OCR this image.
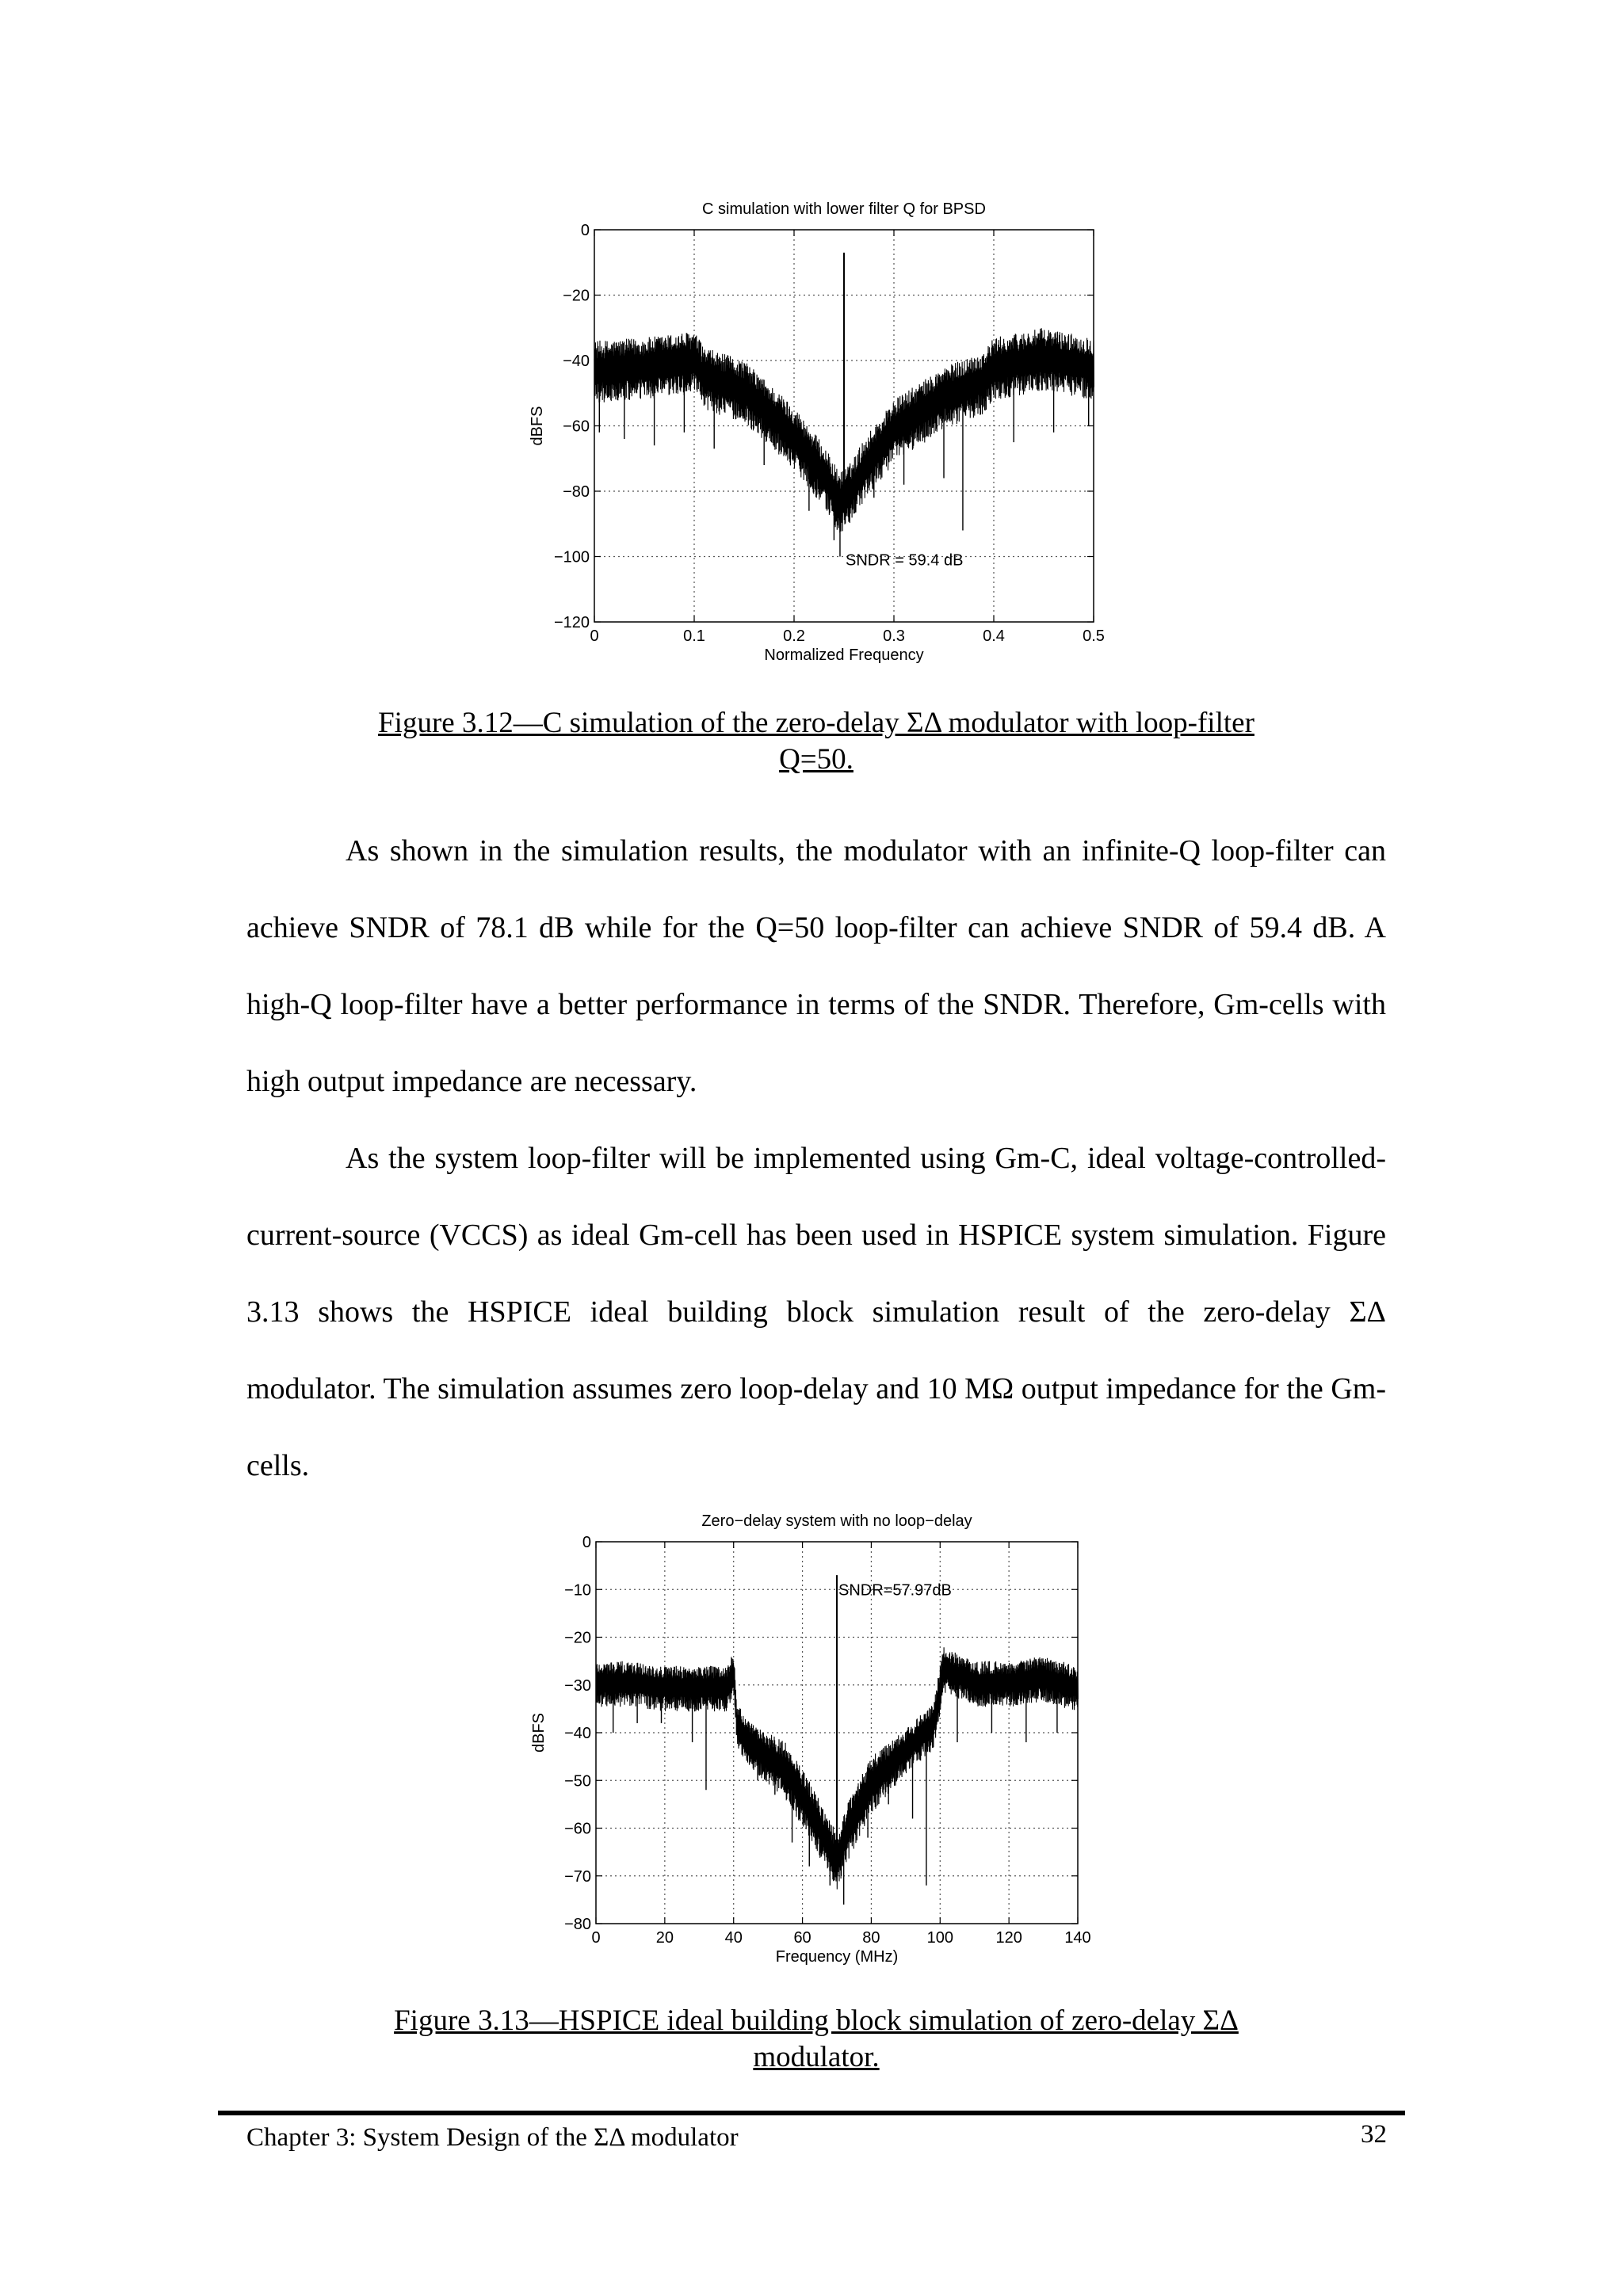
C simulation with lower filter Q for BPSD
SNDR = 59.4 dB
0	0.1	0.2	0.3	0.4	0.5
0
−20
−40
−60
−80
−100
−120
Normalized Frequency
dBFS
Figure 3.12—C simulation of the zero-delay ΣΔ modulator with loop-filter
Q=50.

As shown in the simulation results, the modulator with an infinite-Q loop-filter can achieve SNDR of 78.1 dB while for the Q=50 loop-filter can achieve SNDR of 59.4 dB. A high-Q loop-filter have a better performance in terms of the SNDR. Therefore, Gm-cells with high output impedance are necessary.

As the system loop-filter will be implemented using Gm-C, ideal voltage-controlled-current-source (VCCS) as ideal Gm-cell has been used in HSPICE system simulation. Figure 3.13 shows the HSPICE ideal building block simulation result of the zero-delay ΣΔ modulator. The simulation assumes zero loop-delay and 10 MΩ output impedance for the Gm-cells.

Zero−delay system with no loop−delay
SNDR=57.97dB
0	20	40	60	80	100	120	140
0
−10
−20
−30
−40
−50
−60
−70
−80
Frequency (MHz)
dBFS
Figure 3.13—HSPICE ideal building block simulation of zero-delay ΣΔ
modulator.
Chapter 3: System Design of the ΣΔ modulator	32
